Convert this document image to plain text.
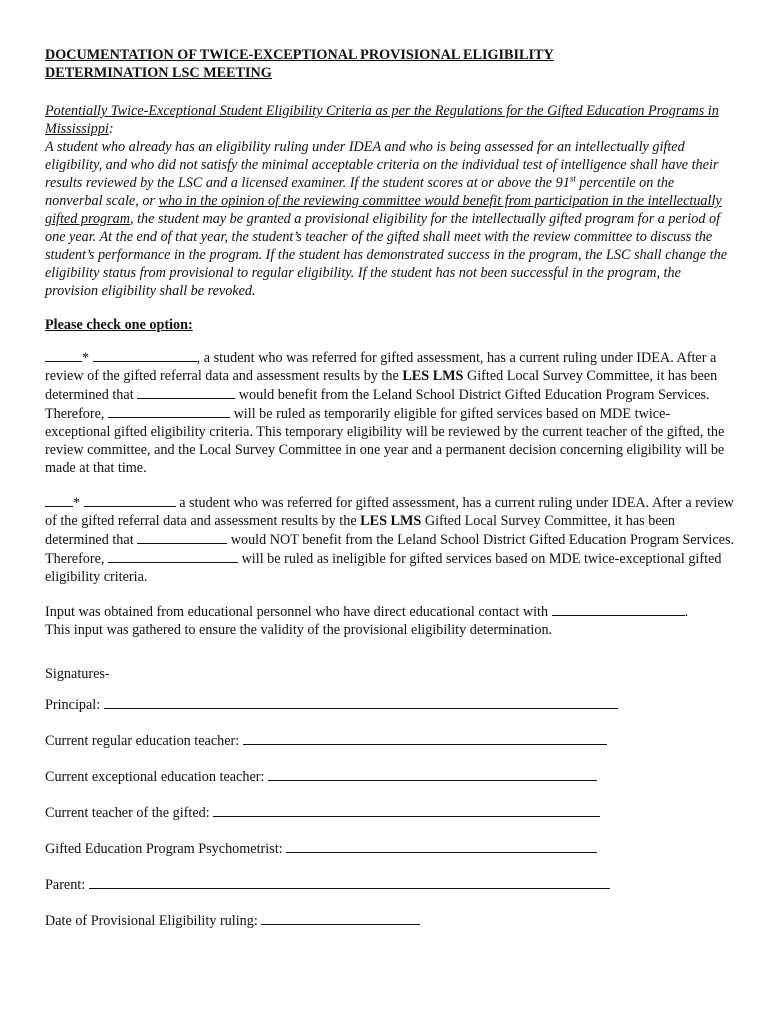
DOCUMENTATION OF TWICE-EXCEPTIONAL PROVISIONAL ELIGIBILITY
DETERMINATION LSC MEETING
Potentially Twice-Exceptional Student Eligibility Criteria as per the Regulations for the Gifted Education Programs in Mississippi:
A student who already has an eligibility ruling under IDEA and who is being assessed for an intellectually gifted eligibility, and who did not satisfy the minimal acceptable criteria on the individual test of intelligence shall have their results reviewed by the LSC and a licensed examiner. If the student scores at or above the 91st percentile on the nonverbal scale, or who in the opinion of the reviewing committee would benefit from participation in the intellectually gifted program, the student may be granted a provisional eligibility for the intellectually gifted program for a period of one year. At the end of that year, the student’s teacher of the gifted shall meet with the review committee to discuss the student’s performance in the program. If the student has demonstrated success in the program, the LSC shall change the eligibility status from provisional to regular eligibility. If the student has not been successful in the program, the provision eligibility shall be revoked.
Please check one option:
*	, a student who was referred for gifted assessment, has a current ruling under IDEA. After a review of the gifted referral data and assessment results by the LES LMS Gifted Local Survey Committee, it has been determined that	would benefit from the Leland School District Gifted Education Program Services. Therefore,	will be ruled as temporarily eligible for gifted services based on MDE twice-exceptional gifted eligibility criteria. This temporary eligibility will be reviewed by the current teacher of the gifted, the review committee, and the Local Survey Committee in one year and a permanent decision concerning eligibility will be made at that time.
*	a student who was referred for gifted assessment, has a current ruling under IDEA. After a review of the gifted referral data and assessment results by the LES LMS Gifted Local Survey Committee, it has been determined that	would NOT benefit from the Leland School District Gifted Education Program Services. Therefore,	will be ruled as ineligible for gifted services based on MDE twice-exceptional gifted eligibility criteria.
Input was obtained from educational personnel who have direct educational contact with	.
This input was gathered to ensure the validity of the provisional eligibility determination.
Signatures-
Principal:
Current regular education teacher:
Current exceptional education teacher:
Current teacher of the gifted:
Gifted Education Program Psychometrist:
Parent:
Date of Provisional Eligibility ruling:
